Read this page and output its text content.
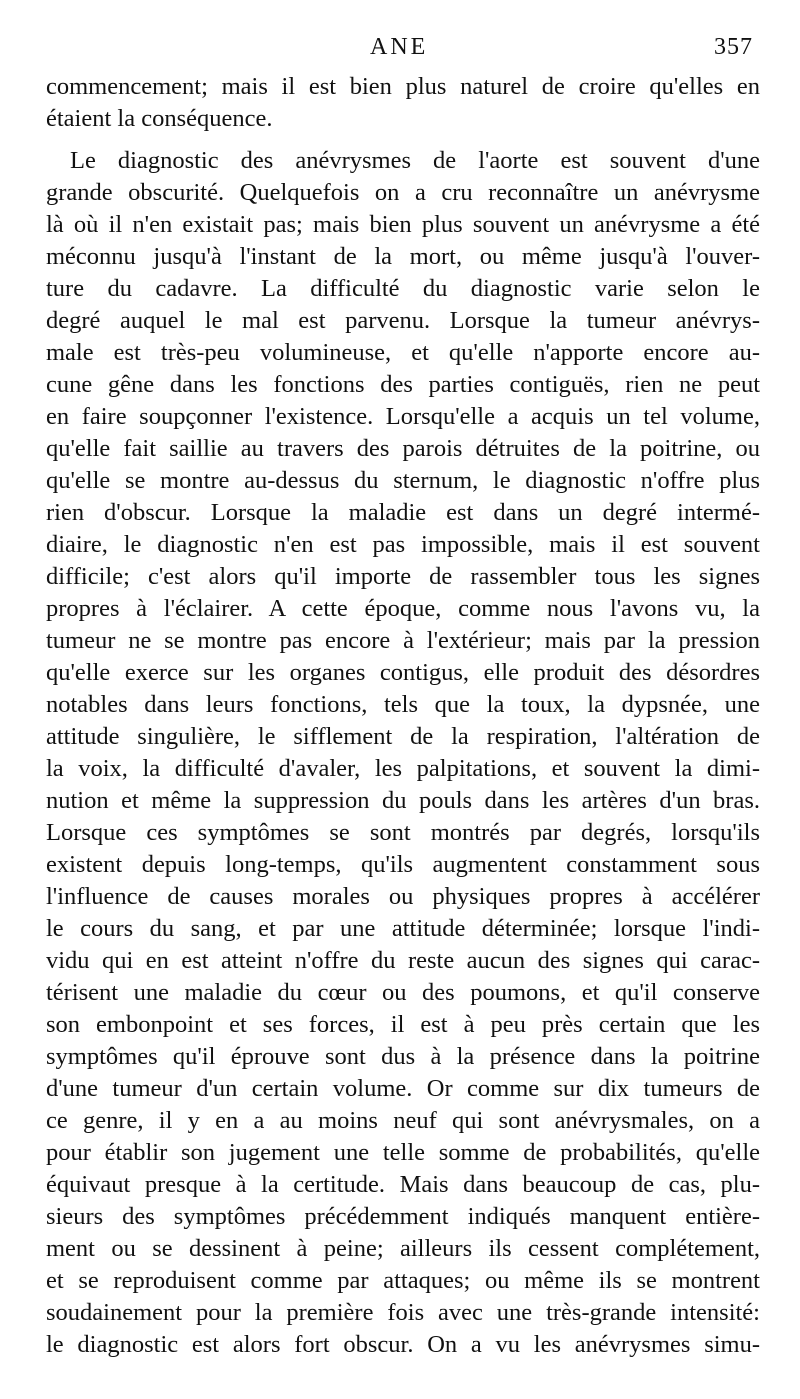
ANE	357
commencement; mais il est bien plus naturel de croire qu'elles en
étaient la conséquence.
Le diagnostic des anévrysmes de l'aorte est souvent d'une
grande obscurité. Quelquefois on a cru reconnaître un anévrysme
là où il n'en existait pas; mais bien plus souvent un anévrysme a été
méconnu jusqu'à l'instant de la mort, ou même jusqu'à l'ouver-
ture du cadavre. La difficulté du diagnostic varie selon le
degré auquel le mal est parvenu. Lorsque la tumeur anévrys-
male est très-peu volumineuse, et qu'elle n'apporte encore au-
cune gêne dans les fonctions des parties contiguës, rien ne peut
en faire soupçonner l'existence. Lorsqu'elle a acquis un tel volume,
qu'elle fait saillie au travers des parois détruites de la poitrine, ou
qu'elle se montre au-dessus du sternum, le diagnostic n'offre plus
rien d'obscur. Lorsque la maladie est dans un degré intermé-
diaire, le diagnostic n'en est pas impossible, mais il est souvent
difficile; c'est alors qu'il importe de rassembler tous les signes
propres à l'éclairer. A cette époque, comme nous l'avons vu, la
tumeur ne se montre pas encore à l'extérieur; mais par la pression
qu'elle exerce sur les organes contigus, elle produit des désordres
notables dans leurs fonctions, tels que la toux, la dypsnée, une
attitude singulière, le sifflement de la respiration, l'altération de
la voix, la difficulté d'avaler, les palpitations, et souvent la dimi-
nution et même la suppression du pouls dans les artères d'un bras.
Lorsque ces symptômes se sont montrés par degrés, lorsqu'ils
existent depuis long-temps, qu'ils augmentent constamment sous
l'influence de causes morales ou physiques propres à accélérer
le cours du sang, et par une attitude déterminée; lorsque l'indi-
vidu qui en est atteint n'offre du reste aucun des signes qui carac-
térisent une maladie du cœur ou des poumons, et qu'il conserve
son embonpoint et ses forces, il est à peu près certain que les
symptômes qu'il éprouve sont dus à la présence dans la poitrine
d'une tumeur d'un certain volume. Or comme sur dix tumeurs de
ce genre, il y en a au moins neuf qui sont anévrysmales, on a
pour établir son jugement une telle somme de probabilités, qu'elle
équivaut presque à la certitude. Mais dans beaucoup de cas, plu-
sieurs des symptômes précédemment indiqués manquent entière-
ment ou se dessinent à peine; ailleurs ils cessent complétement,
et se reproduisent comme par attaques; ou même ils se montrent
soudainement pour la première fois avec une très-grande intensité:
le diagnostic est alors fort obscur. On a vu les anévrysmes simu-
